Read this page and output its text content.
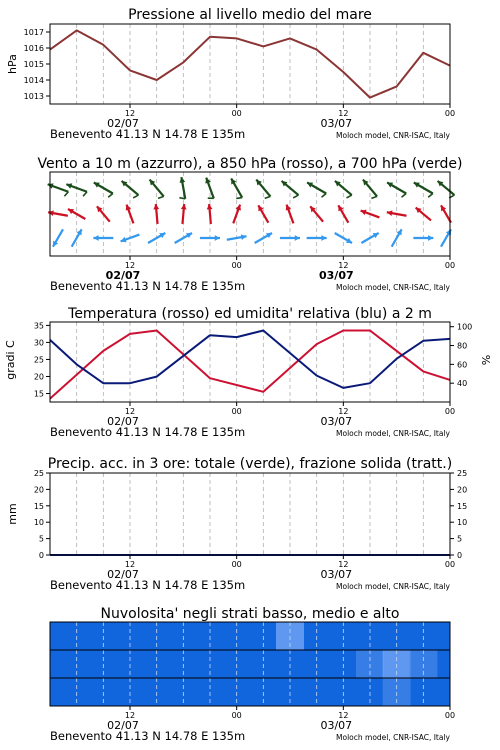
Pressione al livello medio del mare
hPa
1013
1014
1015
1016
1017
12	00	12	00
02/07	03/07
Benevento 41.13 N 14.78 E 135m	Moloch model, CNR-ISAC, Italy
Vento a 10 m (azzurro), a 850 hPa (rosso), a 700 hPa (verde)
12	00	12	00
02/07	03/07
Benevento 41.13 N 14.78 E 135m	Moloch model, CNR-ISAC, Italy
Temperatura (rosso) ed umidita' relativa (blu) a 2 m
gradi C	%
15
20
25
30
35
40
60
80
100
12	00	12	00
02/07	03/07
Benevento 41.13 N 14.78 E 135m	Moloch model, CNR-ISAC, Italy
Precip. acc. in 3 ore: totale (verde), frazione solida (tratt.)
mm
0
5
10
15
20
25
0
5
10
15
20
25
12	00	12	00
02/07	03/07
Benevento 41.13 N 14.78 E 135m	Moloch model, CNR-ISAC, Italy
Nuvolosita' negli strati basso, medio e alto
12	00	12	00
02/07	03/07
Benevento 41.13 N 14.78 E 135m	Moloch model, CNR-ISAC, Italy
